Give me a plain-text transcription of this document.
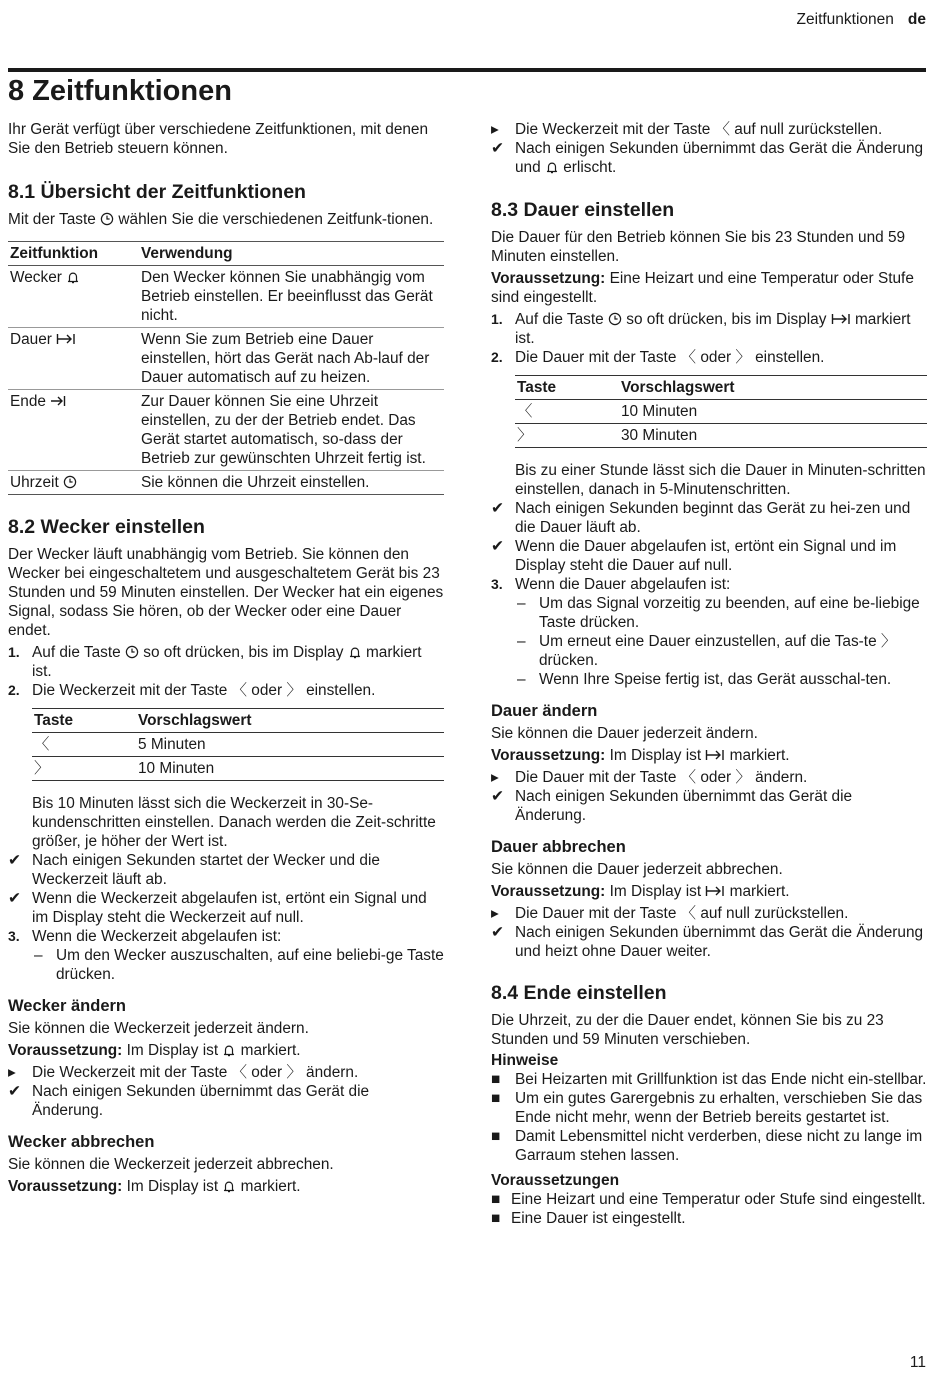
Zeitfunktionen de
8 Zeitfunktionen

Ihr Gerät verfügt über verschiedene Zeitfunktionen, mit denen Sie den Betrieb steuern können.

8.1 Übersicht der Zeitfunktionen

Mit der Taste wählen Sie die verschiedenen Zeitfunk-tionen.

Zeitfunktion	Verwendung
Wecker	Den Wecker können Sie unabhängig vom Betrieb einstellen. Er beeinflusst das Gerät nicht.
Dauer	Wenn Sie zum Betrieb eine Dauer einstellen, hört das Gerät nach Ab-lauf der Dauer automatisch auf zu heizen.
Ende	Zur Dauer können Sie eine Uhrzeit einstellen, zu der der Betrieb endet. Das Gerät startet automatisch, so-dass der Betrieb zur gewünschten Uhrzeit fertig ist.
Uhrzeit	Sie können die Uhrzeit einstellen.
8.2 Wecker einstellen

Der Wecker läuft unabhängig vom Betrieb. Sie können den Wecker bei eingeschaltetem und ausgeschaltetem Gerät bis 23 Stunden und 59 Minuten einstellen. Der Wecker hat ein eigenes Signal, sodass Sie hören, ob der Wecker oder eine Dauer endet.

1. Auf die Taste so oft drücken, bis im Display markiert ist.
2. Die Weckerzeit mit der Taste 〈 oder 〉 einstellen.
Taste	Vorschlagswert
〈	5 Minuten
〉	10 Minuten

Bis 10 Minuten lässt sich die Weckerzeit in 30-Se-kundenschritten einstellen. Danach werden die Zeit-schritte größer, je höher der Wert ist.

✔ Nach einigen Sekunden startet der Wecker und die Weckerzeit läuft ab.
✔ Wenn die Weckerzeit abgelaufen ist, ertönt ein Signal und im Display steht die Weckerzeit auf null.
3. Wenn die Weckerzeit abgelaufen ist:
– Um den Wecker auszuschalten, auf eine beliebi-ge Taste drücken.
Wecker ändern

Sie können die Weckerzeit jederzeit ändern.

Voraussetzung: Im Display ist markiert.

▸	Die Weckerzeit mit der Taste 〈 oder 〉 ändern.
✔ Nach einigen Sekunden übernimmt das Gerät die Änderung.
Wecker abbrechen

Sie können die Weckerzeit jederzeit abbrechen.

Voraussetzung: Im Display ist markiert.

▸	Die Weckerzeit mit der Taste 〈 auf null zurückstellen.
✔ Nach einigen Sekunden übernimmt das Gerät die Änderung und erlischt.
8.3 Dauer einstellen

Die Dauer für den Betrieb können Sie bis 23 Stunden und 59 Minuten einstellen.

Voraussetzung: Eine Heizart und eine Temperatur oder Stufe sind eingestellt.

1. Auf die Taste so oft drücken, bis im Display markiert ist.
2. Die Dauer mit der Taste 〈 oder 〉 einstellen.
Taste	Vorschlagswert
〈	10 Minuten
〉	30 Minuten

Bis zu einer Stunde lässt sich die Dauer in Minuten-schritten einstellen, danach in 5-Minutenschritten.

✔ Nach einigen Sekunden beginnt das Gerät zu hei-zen und die Dauer läuft ab.
✔ Wenn die Dauer abgelaufen ist, ertönt ein Signal und im Display steht die Dauer auf null.
3. Wenn die Dauer abgelaufen ist:
– Um das Signal vorzeitig zu beenden, auf eine be-liebige Taste drücken.
– Um erneut eine Dauer einzustellen, auf die Tas-te 〉 drücken.
– Wenn Ihre Speise fertig ist, das Gerät ausschal-ten.
Dauer ändern

Sie können die Dauer jederzeit ändern.

Voraussetzung: Im Display ist markiert.

▸	Die Dauer mit der Taste 〈 oder 〉 ändern.
✔ Nach einigen Sekunden übernimmt das Gerät die Änderung.
Dauer abbrechen

Sie können die Dauer jederzeit abbrechen.

Voraussetzung: Im Display ist markiert.

▸	Die Dauer mit der Taste 〈 auf null zurückstellen.
✔ Nach einigen Sekunden übernimmt das Gerät die Änderung und heizt ohne Dauer weiter.
8.4 Ende einstellen

Die Uhrzeit, zu der die Dauer endet, können Sie bis zu 23 Stunden und 59 Minuten verschieben.

Hinweise

■ Bei Heizarten mit Grillfunktion ist das Ende nicht ein-stellbar.
■ Um ein gutes Garergebnis zu erhalten, verschieben Sie das Ende nicht mehr, wenn der Betrieb bereits gestartet ist.
■ Damit Lebensmittel nicht verderben, diese nicht zu lange im Garraum stehen lassen.

Voraussetzungen

■ Eine Heizart und eine Temperatur oder Stufe sind eingestellt.
■ Eine Dauer ist eingestellt.
11
